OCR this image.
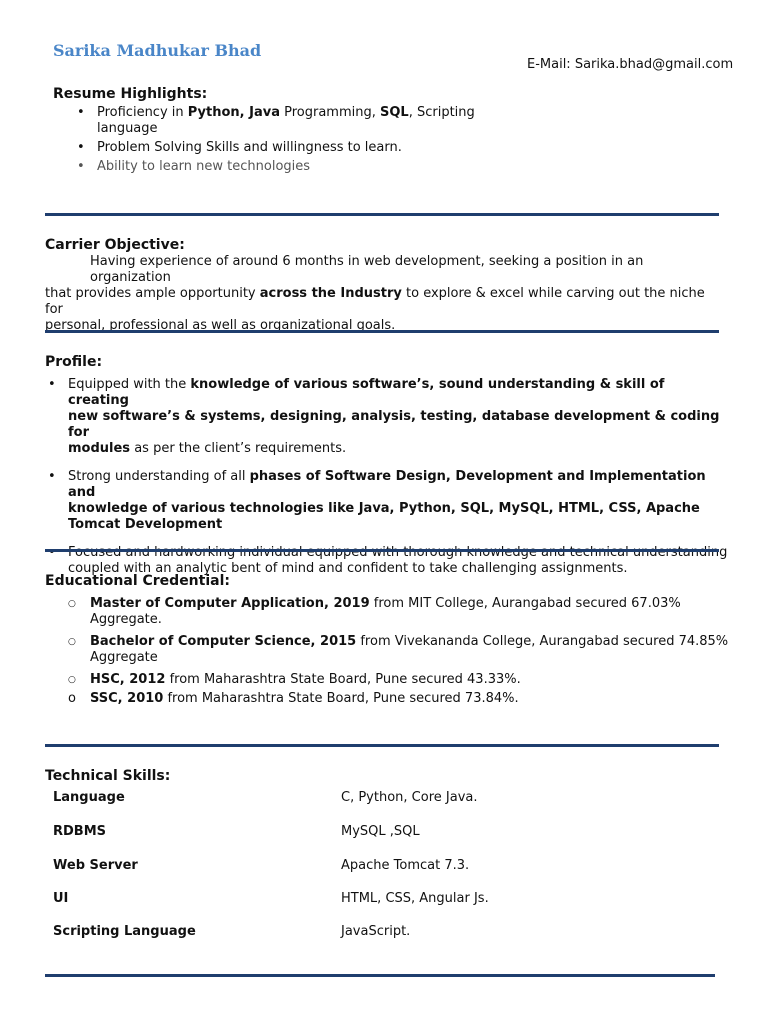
Sarika Madhukar Bhad
E-Mail: Sarika.bhad@gmail.com
Resume Highlights:
• Proficiency in Python, Java Programming, SQL, Scripting
language
• Problem Solving Skills and willingness to learn.
• Ability to learn new technologies
Carrier Objective:
Having experience of around 6 months in web development, seeking a position in an organization
that provides ample opportunity across the Industry to explore & excel while carving out the niche for
personal, professional as well as organizational goals.
Profile:
• Equipped with the knowledge of various software’s, sound understanding & skill of creating
new software’s & systems, designing, analysis, testing, database development & coding for
modules as per the client’s requirements.
• Strong understanding of all phases of Software Design, Development and Implementation and
knowledge of various technologies like Java, Python, SQL, MySQL, HTML, CSS, Apache
Tomcat Development
• Focused and hardworking individual equipped with thorough knowledge and technical understanding
coupled with an analytic bent of mind and confident to take challenging assignments.
Educational Credential:
○ Master of Computer Application, 2019 from MIT College, Aurangabad secured 67.03%
Aggregate.
○ Bachelor of Computer Science, 2015 from Vivekananda College, Aurangabad secured 74.85%
Aggregate
○ HSC, 2012 from Maharashtra State Board, Pune secured 43.33%.
o SSC, 2010 from Maharashtra State Board, Pune secured 73.84%.
Technical Skills:
Language	C, Python, Core Java.
RDBMS	MySQL ,SQL
Web Server	Apache Tomcat 7.3.
UI	HTML, CSS, Angular Js.
Scripting Language	JavaScript.
